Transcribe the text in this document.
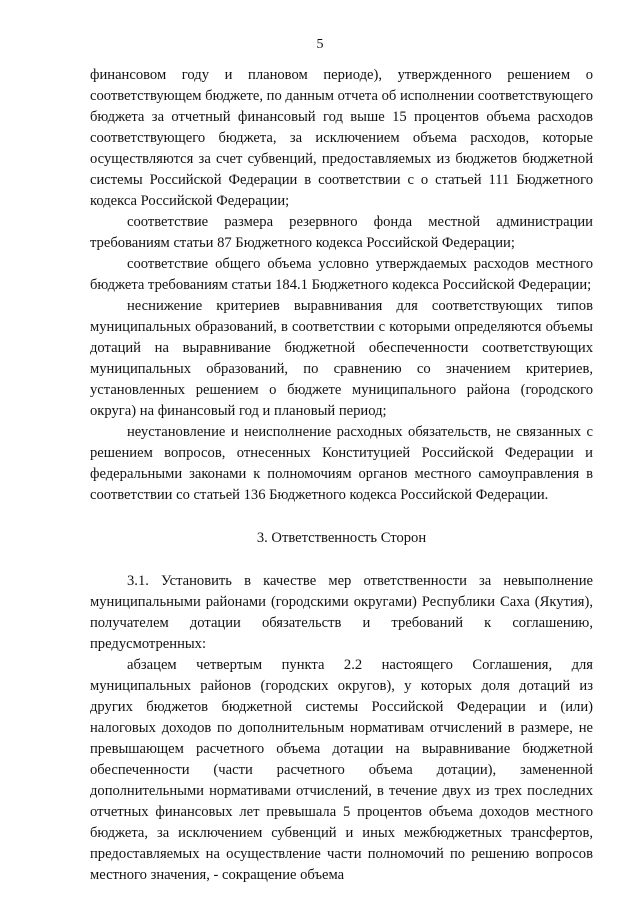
5

финансовом году и плановом периоде), утвержденного решением о соответствующем бюджете, по данным отчета об исполнении соответствующего бюджета за отчетный финансовый год выше 15 процентов объема расходов соответствующего бюджета, за исключением объема расходов, которые осуществляются за счет субвенций, предоставляемых из бюджетов бюджетной системы Российской Федерации в соответствии с о статьей 111 Бюджетного кодекса Российской Федерации;

соответствие размера резервного фонда местной администрации требованиям статьи 87 Бюджетного кодекса Российской Федерации;

соответствие общего объема условно утверждаемых расходов местного бюджета требованиям статьи 184.1 Бюджетного кодекса Российской Федерации;

неснижение критериев выравнивания для соответствующих типов муниципальных образований, в соответствии с которыми определяются объемы дотаций на выравнивание бюджетной обеспеченности соответствующих муниципальных образований, по сравнению со значением критериев, установленных решением о бюджете муниципального района (городского округа) на финансовый год и плановый период;

неустановление и неисполнение расходных обязательств, не связанных с решением вопросов, отнесенных Конституцией Российской Федерации и федеральными законами к полномочиям органов местного самоуправления в соответствии со статьей 136 Бюджетного кодекса Российской Федерации.

3. Ответственность Сторон

3.1. Установить в качестве мер ответственности за невыполнение муниципальными районами (городскими округами) Республики Саха (Якутия), получателем дотации обязательств и требований к соглашению, предусмотренных:

абзацем четвертым пункта 2.2 настоящего Соглашения, для муниципальных районов (городских округов), у которых доля дотаций из других бюджетов бюджетной системы Российской Федерации и (или) налоговых доходов по дополнительным нормативам отчислений в размере, не превышающем расчетного объема дотации на выравнивание бюджетной обеспеченности (части расчетного объема дотации), замененной дополнительными нормативами отчислений, в течение двух из трех последних отчетных финансовых лет превышала 5 процентов объема доходов местного бюджета, за исключением субвенций и иных межбюджетных трансфертов, предоставляемых на осуществление части полномочий по решению вопросов местного значения, - сокращение объема
